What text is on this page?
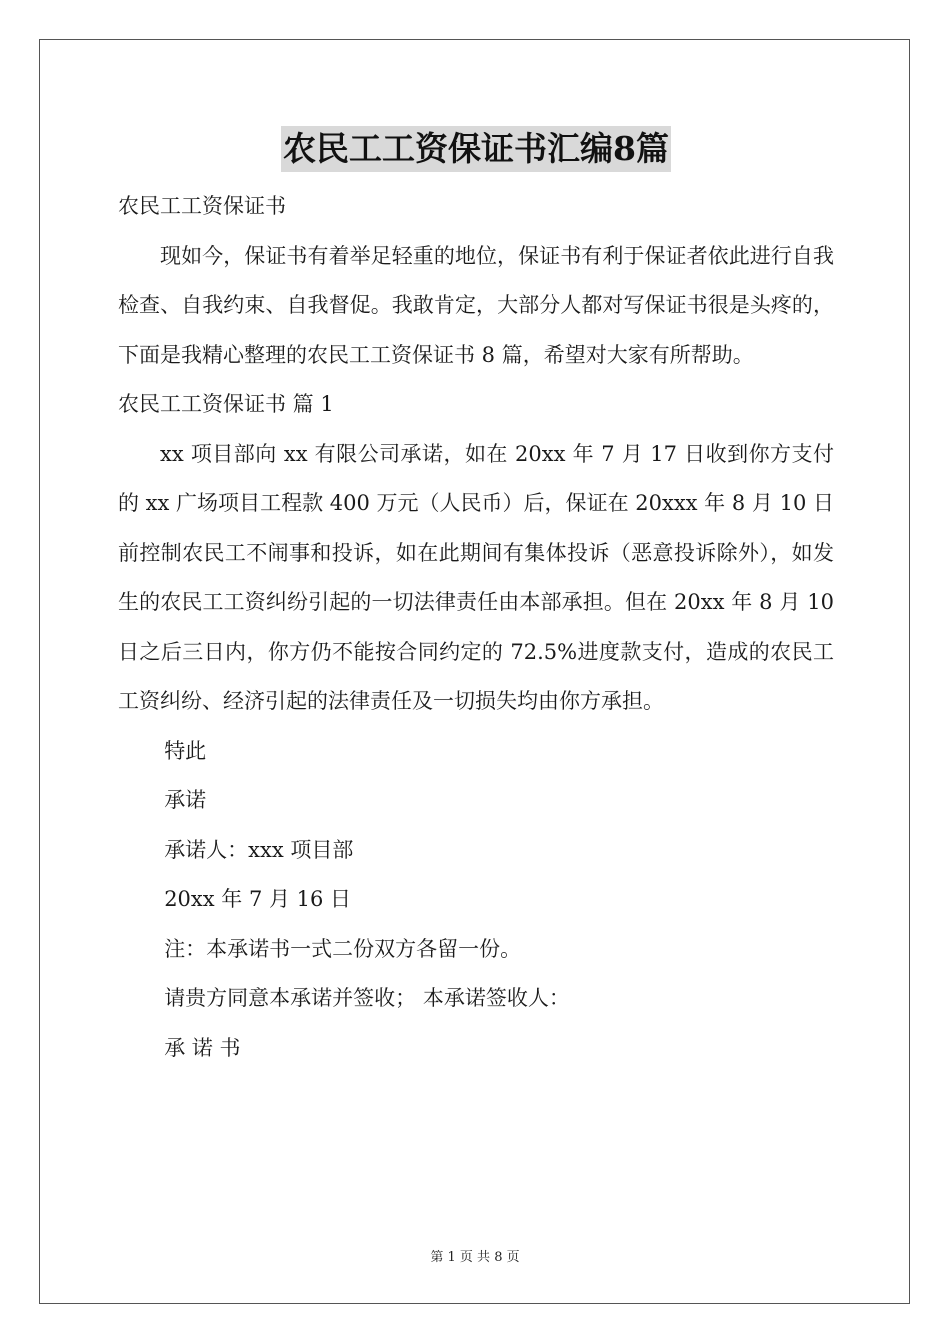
农民工工资保证书汇编8篇

农民工工资保证书

现如今，保证书有着举足轻重的地位，保证书有利于保证者依此进行自我检查、自我约束、自我督促。我敢肯定，大部分人都对写保证书很是头疼的，下面是我精心整理的农民工工资保证书 8 篇，希望对大家有所帮助。

农民工工资保证书 篇 1

xx 项目部向 xx 有限公司承诺，如在 20xx 年 7 月 17 日收到你方支付的 xx 广场项目工程款 400 万元（人民币）后，保证在 20xxx 年 8 月 10 日前控制农民工不闹事和投诉，如在此期间有集体投诉（恶意投诉除外），如发生的农民工工资纠纷引起的一切法律责任由本部承担。但在 20xx 年 8 月 10 日之后三日内，你方仍不能按合同约定的 72.5%进度款支付，造成的农民工工资纠纷、经济引起的法律责任及一切损失均由你方承担。

特此

承诺

承诺人：xxx 项目部

20xx 年 7 月 16 日

注：本承诺书一式二份双方各留一份。

请贵方同意本承诺并签收； 本承诺签收人：

承 诺 书

第 1 页 共 8 页
